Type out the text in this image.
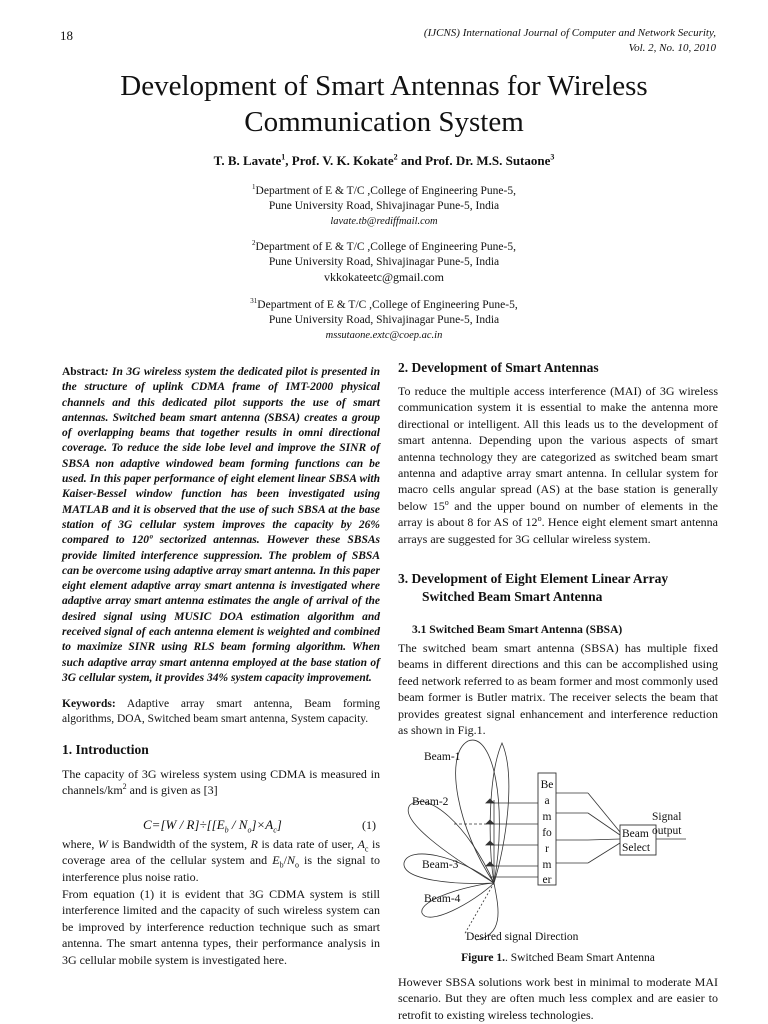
18	(IJCNS) International Journal of Computer and Network Security,
Vol. 2, No. 10, 2010
Development of Smart Antennas for Wireless
Communication System
T. B. Lavate$^1$, Prof. V. K. Kokate$^2$ and Prof. Dr. M.S. Sutaone$^3$
$^1$Department of E & T/C ,College of Engineering Pune-5,
Pune University Road, Shivajinagar Pune-5, India
lavate.tb@rediffmail.com
$^2$Department of E & T/C ,College of Engineering Pune-5,
Pune University Road, Shivajinagar Pune-5, India
vkkokateetc@gmail.com
$^{31}$Department of E & T/C ,College of Engineering Pune-5,
Pune University Road, Shivajinagar Pune-5, India
mssutaone.extc@coep.ac.in
Abstract: In 3G wireless system the dedicated pilot is presented in the structure of uplink CDMA frame of IMT-2000 physical channels and this dedicated pilot supports the use of smart antennas. Switched beam smart antenna (SBSA) creates a group of overlapping beams that together results in omni directional coverage. To reduce the side lobe level and improve the SINR of SBSA non adaptive windowed beam forming functions can be used. In this paper performance of eight element linear SBSA with Kaiser-Bessel window function has been investigated using MATLAB and it is observed that the use of such SBSA at the base station of 3G cellular system improves the capacity by 26% compared to 120º sectorized antennas. However these SBSAs provide limited interference suppression. The problem of SBSA can be overcome using adaptive array smart antenna. In this paper eight element adaptive array smart antenna is investigated where adaptive array smart antenna estimates the angle of arrival of the desired signal using MUSIC DOA estimation algorithm and received signal of each antenna element is weighted and combined to maximize SINR using RLS beam forming algorithm. When such adaptive array smart antenna employed at the base station of 3G cellular system, it provides 34% system capacity improvement.
Keywords: Adaptive array smart antenna, Beam forming algorithms, DOA, Switched beam smart antenna, System capacity.
1. Introduction
The capacity of 3G wireless system using CDMA is measured in channels/$km^2$ and is given as [3]
$C=[W / R]\div[[E_b / N_o]\times A_c]$	(1)
where, W is Bandwidth of the system, R is data rate of user, $A_c$ is coverage area of the cellular system and $E_b/N_o$ is the signal to interference plus noise ratio.
From equation (1) it is evident that 3G CDMA system is still interference limited and the capacity of such wireless system can be improved by interference reduction technique such as smart antenna. The smart antenna types, their performance analysis in 3G cellular mobile system is investigated here.
2. Development of Smart Antennas
To reduce the multiple access interference (MAI) of 3G wireless communication system it is essential to make the antenna more directional or intelligent. All this leads us to the development of smart antenna. Depending upon the various aspects of smart antenna technology they are categorized as switched beam smart antenna and adaptive array smart antenna. In cellular system for macro cells angular spread (AS) at the base station is generally below 15$^o$ and the upper bound on number of elements in the array is about 8 for AS of 12$^o$. Hence eight element smart antenna arrays are suggested for 3G cellular wireless system.
3. Development of Eight Element Linear Array
Switched Beam Smart Antenna
3.1 Switched Beam Smart Antenna (SBSA)
The switched beam smart antenna (SBSA) has multiple fixed beams in different directions and this can be accomplished using feed network referred to as beam former and most commonly used beam former is Butler matrix. The receiver selects the beam that provides greatest signal enhancement and interference reduction as shown in Fig.1.
Be
a
m
fo
r
m
er
Beam
Select
Signal
output
Beam-1
Beam-2
Beam-3
Beam-4
Desired signal Direction
Figure 1.. Switched Beam Smart Antenna
However SBSA solutions work best in minimal to moderate MAI scenario. But they are often much less complex and are easier to retrofit to existing wireless technologies.
